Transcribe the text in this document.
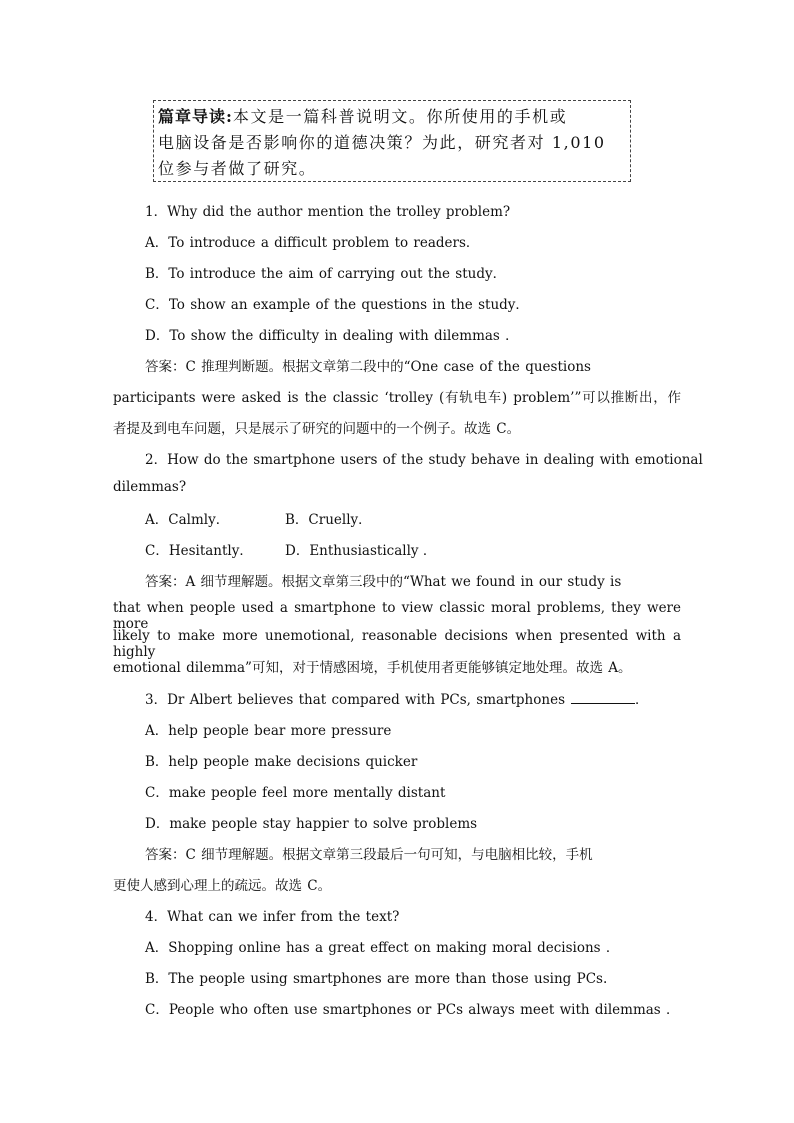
篇章导读:本文是一篇科普说明文。你所使用的手机或
电脑设备是否影响你的道德决策？为此，研究者对 1,010
位参与者做了研究。
1．Why did the author mention the trolley problem?
A．To introduce a difficult problem to readers．
B．To introduce the aim of carrying out the study．
C．To show an example of the questions in the study．
D．To show the difficulty in dealing with dilemmas ．
答案：C 推理判断题。根据文章第二段中的“One case of the questions
participants were asked is the classic ‘trolley (有轨电车) problem’”可以推断出，作
者提及到电车问题，只是展示了研究的问题中的一个例子。故选 C。
2．How do the smartphone users of the study behave in dealing with emotional
dilemmas?
A．Calmly．	B．Cruelly．
C．Hesitantly． D．Enthusiastically ．
答案：A 细节理解题。根据文章第三段中的“What we found in our study is
that when people used a smartphone to view classic moral problems, they were more
likely to make more unemotional, reasonable decisions when presented with a highly
emotional dilemma”可知，对于情感困境，手机使用者更能够镇定地处理。故选 A。
3．Dr Albert believes that compared with PCs, smartphones	．
A．help people bear more pressure
B．help people make decisions quicker
C．make people feel more mentally distant
D．make people stay happier to solve problems
答案：C 细节理解题。根据文章第三段最后一句可知，与电脑相比较，手机
更使人感到心理上的疏远。故选 C。
4．What can we infer from the text?
A．Shopping online has a great effect on making moral decisions ．
B．The people using smartphones are more than those using PCs.
C．People who often use smartphones or PCs always meet with dilemmas ．
